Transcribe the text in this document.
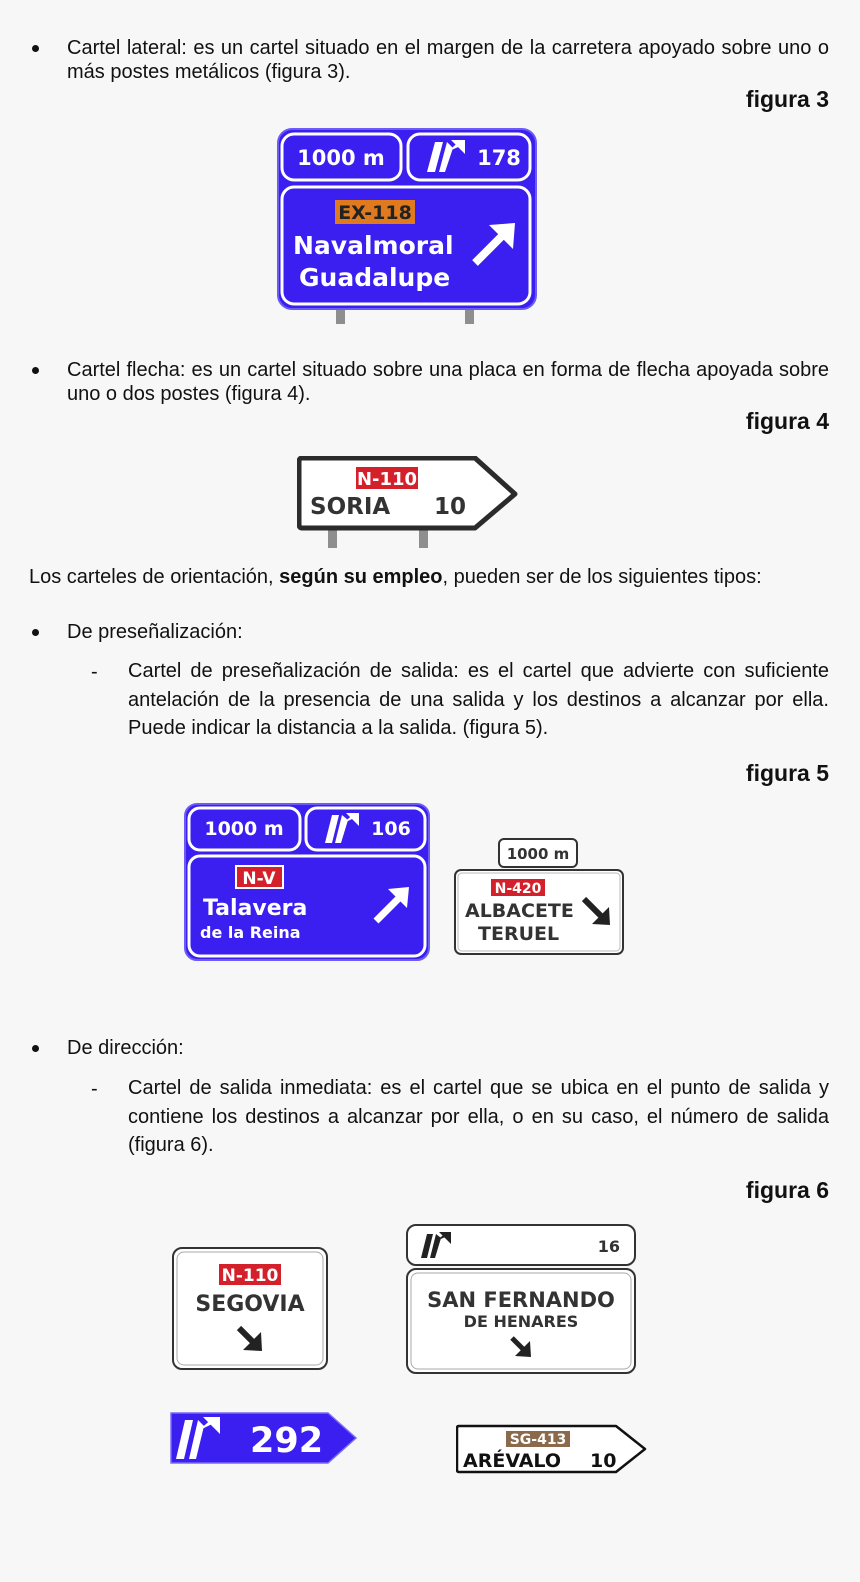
Cartel lateral: es un cartel situado en el margen de la carretera apoyado sobre uno o más postes metálicos (figura 3).
figura 3
1000 m	178
EX-118
Navalmoral
Guadalupe
Cartel flecha: es un cartel situado sobre una placa en forma de flecha apoyada sobre uno o dos postes (figura 4).
figura 4
N-110
SORIA 10
Los carteles de orientación, según su empleo, pueden ser de los siguientes tipos:
De preseñalización:
- Cartel de preseñalización de salida: es el cartel que advierte con suficiente antelación de la presencia de una salida y los destinos a alcanzar por ella. Puede indicar la distancia a la salida. (figura 5).
figura 5
1000 m	106
N-V
Talavera
de la Reina
1000 m
N-420
ALBACETE
TERUEL
De dirección:
- Cartel de salida inmediata: es el cartel que se ubica en el punto de salida y contiene los destinos a alcanzar por ella, o en su caso, el número de salida (figura 6).
figura 6
N-110
SEGOVIA
16
SAN FERNANDO
DE HENARES
292	SG-413
ARÉVALO 10
